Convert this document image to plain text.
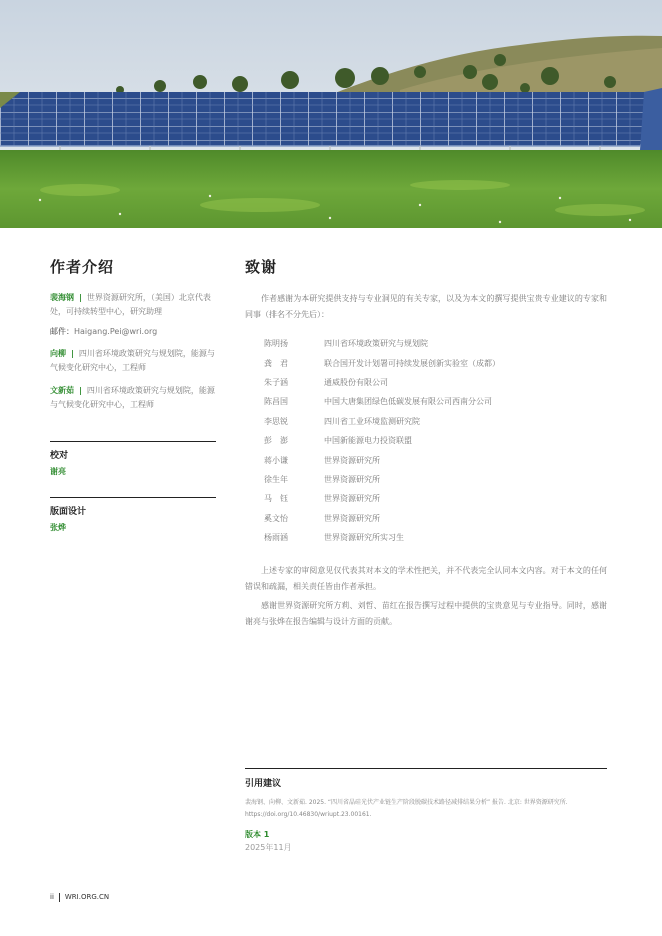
作者介绍
裴海钢 | 世界资源研究所，（美国）北京代表处，可持续转型中心，研究助理
邮件：Haigang.Pei@wri.org
向柳 | 四川省环境政策研究与规划院，能源与气候变化研究中心，工程师
文新茹 | 四川省环境政策研究与规划院，能源与气候变化研究中心，工程师
校对
谢亮
版面设计
张烨
致谢

作者感谢为本研究提供支持与专业洞见的有关专家，以及为本文的撰写提供宝贵专业建议的专家和同事（排名不分先后）：

陈明扬	四川省环境政策研究与规划院
龚　君	联合国开发计划署可持续发展创新实验室（成都）
朱子涵	通威股份有限公司
陈昌国	中国大唐集团绿色低碳发展有限公司西南分公司
李思锐	四川省工业环境监测研究院
彭　澎	中国新能源电力投资联盟
蒋小谦	世界资源研究所
徐生年	世界资源研究所
马　钰	世界资源研究所
奚文怡	世界资源研究所
杨雨涵	世界资源研究所实习生

上述专家的审阅意见仅代表其对本文的学术性把关，并不代表完全认同本文内容。对于本文的任何错误和疏漏，相关责任皆由作者承担。

感谢世界资源研究所方莉、刘哲、苗红在报告撰写过程中提供的宝贵意见与专业指导。同时，感谢谢亮与张烨在报告编辑与设计方面的贡献。

引用建议
裴海钢、向柳、文新茹. 2025. “四川省晶硅光伏产业链生产阶段脱碳技术路径减排结果分析” 报告. 北京: 世界资源研究所. https://doi.org/10.46830/wriupt.23.00161.
版本 1
2025年11月
ii WRI.ORG.CN
